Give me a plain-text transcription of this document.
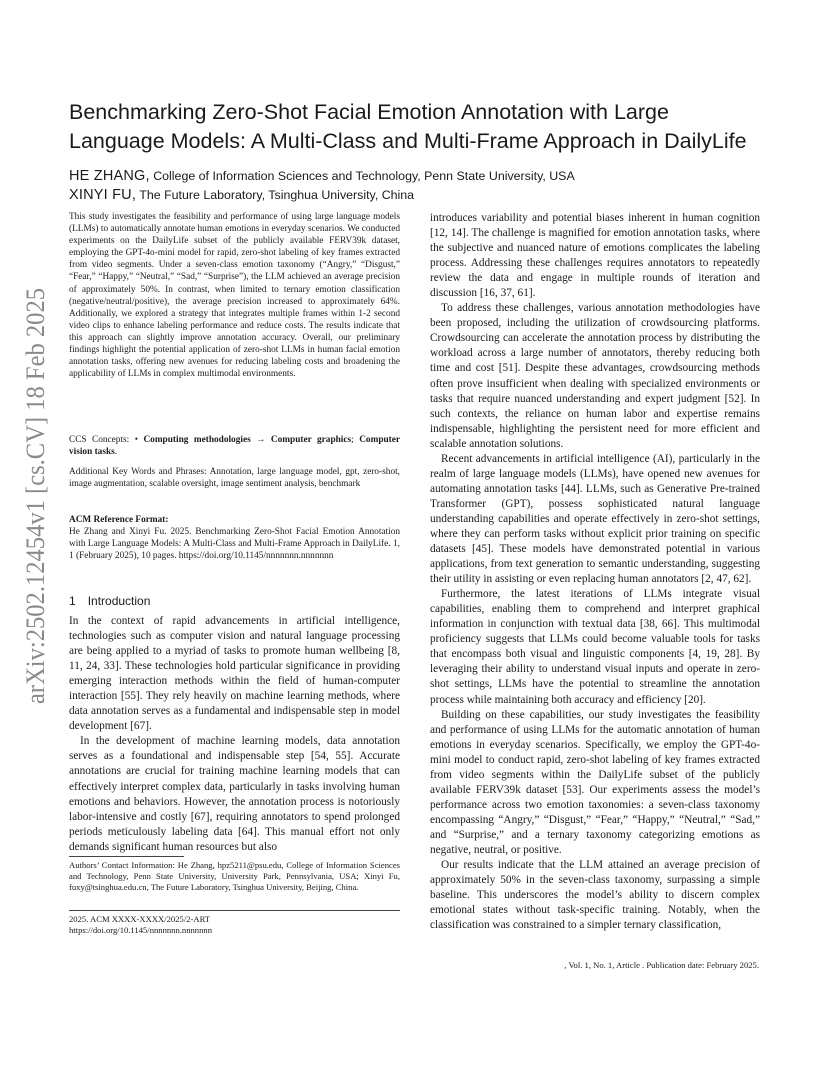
arXiv:2502.12454v1 [cs.CV] 18 Feb 2025
Benchmarking Zero-Shot Facial Emotion Annotation with Large Language Models: A Multi-Class and Multi-Frame Approach in DailyLife
HE ZHANG, College of Information Sciences and Technology, Penn State University, USA
XINYI FU, The Future Laboratory, Tsinghua University, China

This study investigates the feasibility and performance of using large language models (LLMs) to automatically annotate human emotions in everyday scenarios. We conducted experiments on the DailyLife subset of the publicly available FERV39k dataset, employing the GPT-4o-mini model for rapid, zero-shot labeling of key frames extracted from video segments. Under a seven-class emotion taxonomy (“Angry,” “Disgust,” “Fear,” “Happy,” “Neutral,” “Sad,” “Surprise”), the LLM achieved an average precision of approximately 50%. In contrast, when limited to ternary emotion classification (negative/neutral/positive), the average precision increased to approximately 64%. Additionally, we explored a strategy that integrates multiple frames within 1-2 second video clips to enhance labeling performance and reduce costs. The results indicate that this approach can slightly improve annotation accuracy. Overall, our preliminary findings highlight the potential application of zero-shot LLMs in human facial emotion annotation tasks, offering new avenues for reducing labeling costs and broadening the applicability of LLMs in complex multimodal environments.

CCS Concepts: • Computing methodologies → Computer graphics; Computer vision tasks.

Additional Key Words and Phrases: Annotation, large language model, gpt, zero-shot, image augmentation, scalable oversight, image sentiment analysis, benchmark

ACM Reference Format:

He Zhang and Xinyi Fu. 2025. Benchmarking Zero-Shot Facial Emotion Annotation with Large Language Models: A Multi-Class and Multi-Frame Approach in DailyLife. 1, 1 (February 2025), 10 pages. https://doi.org/10.1145/nnnnnnn.nnnnnnn

1 Introduction

In the context of rapid advancements in artificial intelligence, technologies such as computer vision and natural language processing are being applied to a myriad of tasks to promote human wellbeing [8, 11, 24, 33]. These technologies hold particular significance in providing emerging interaction methods within the field of human-computer interaction [55]. They rely heavily on machine learning methods, where data annotation serves as a fundamental and indispensable step in model development [67].

In the development of machine learning models, data annotation serves as a foundational and indispensable step [54, 55]. Accurate annotations are crucial for training machine learning models that can effectively interpret complex data, particularly in tasks involving human emotions and behaviors. However, the annotation process is notoriously labor-intensive and costly [67], requiring annotators to spend prolonged periods meticulously labeling data [64]. This manual effort not only demands significant human resources but also

Authors’ Contact Information: He Zhang, hpz5211@psu.edu, College of Information Sciences and Technology, Penn State University, University Park, Pennsylvania, USA; Xinyi Fu, fuxy@tsinghua.edu.cn, The Future Laboratory, Tsinghua University, Beijing, China.

2025. ACM XXXX-XXXX/2025/2-ART

https://doi.org/10.1145/nnnnnnn.nnnnnnn

introduces variability and potential biases inherent in human cognition [12, 14]. The challenge is magnified for emotion annotation tasks, where the subjective and nuanced nature of emotions complicates the labeling process. Addressing these challenges requires annotators to repeatedly review the data and engage in multiple rounds of iteration and discussion [16, 37, 61].

To address these challenges, various annotation methodologies have been proposed, including the utilization of crowdsourcing platforms. Crowdsourcing can accelerate the annotation process by distributing the workload across a large number of annotators, thereby reducing both time and cost [51]. Despite these advantages, crowdsourcing methods often prove insufficient when dealing with specialized environments or tasks that require nuanced understanding and expert judgment [52]. In such contexts, the reliance on human labor and expertise remains indispensable, highlighting the persistent need for more efficient and scalable annotation solutions.

Recent advancements in artificial intelligence (AI), particularly in the realm of large language models (LLMs), have opened new avenues for automating annotation tasks [44]. LLMs, such as Generative Pre-trained Transformer (GPT), possess sophisticated natural language understanding capabilities and operate effectively in zero-shot settings, where they can perform tasks without explicit prior training on specific datasets [45]. These models have demonstrated potential in various applications, from text generation to semantic understanding, suggesting their utility in assisting or even replacing human annotators [2, 47, 62].

Furthermore, the latest iterations of LLMs integrate visual capabilities, enabling them to comprehend and interpret graphical information in conjunction with textual data [38, 66]. This multimodal proficiency suggests that LLMs could become valuable tools for tasks that encompass both visual and linguistic components [4, 19, 28]. By leveraging their ability to understand visual inputs and operate in zero-shot settings, LLMs have the potential to streamline the annotation process while maintaining both accuracy and efficiency [20].

Building on these capabilities, our study investigates the feasibility and performance of using LLMs for the automatic annotation of human emotions in everyday scenarios. Specifically, we employ the GPT-4o-mini model to conduct rapid, zero-shot labeling of key frames extracted from video segments within the DailyLife subset of the publicly available FERV39k dataset [53]. Our experiments assess the model’s performance across two emotion taxonomies: a seven-class taxonomy encompassing “Angry,” “Disgust,” “Fear,” “Happy,” “Neutral,” “Sad,” and “Surprise,” and a ternary taxonomy categorizing emotions as negative, neutral, or positive.

Our results indicate that the LLM attained an average precision of approximately 50% in the seven-class taxonomy, surpassing a simple baseline. This underscores the model’s ability to discern complex emotional states without task-specific training. Notably, when the classification was constrained to a simpler ternary classification,

, Vol. 1, No. 1, Article . Publication date: February 2025.
